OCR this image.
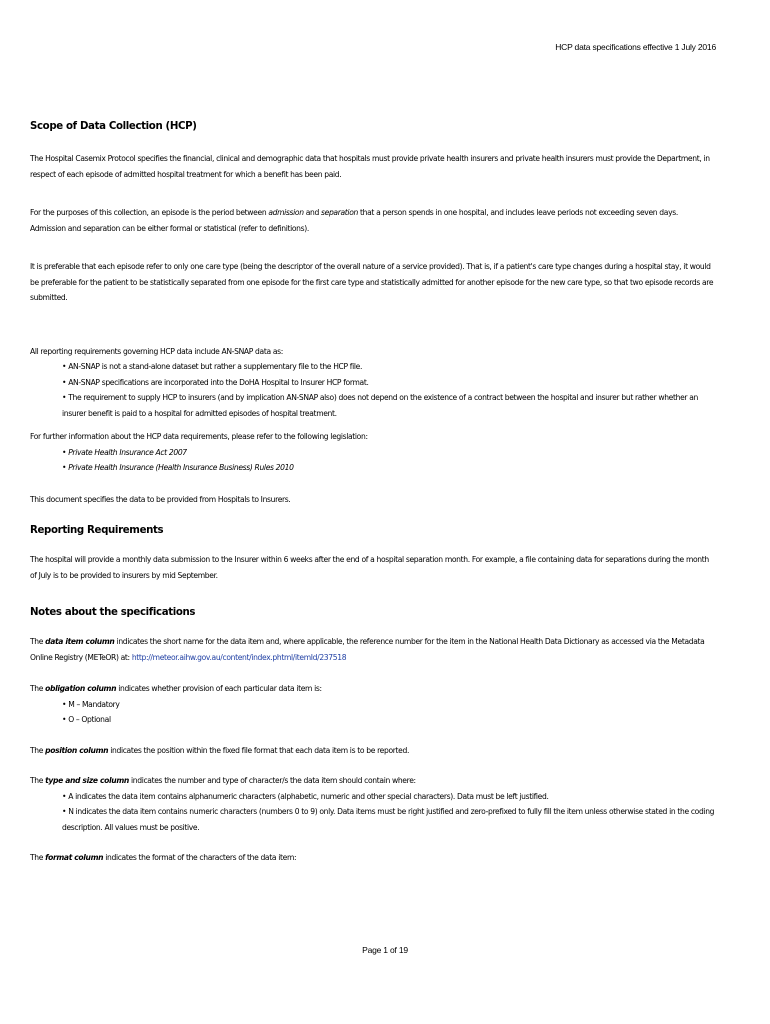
HCP data specifications effective 1 July 2016
Scope of Data Collection (HCP)

The Hospital Casemix Protocol specifies the financial, clinical and demographic data that hospitals must provide private health insurers and private health insurers must provide the Department, in respect of each episode of admitted hospital treatment for which a benefit has been paid.

For the purposes of this collection, an episode is the period between admission and separation that a person spends in one hospital, and includes leave periods not exceeding seven days. Admission and separation can be either formal or statistical (refer to definitions).

It is preferable that each episode refer to only one care type (being the descriptor of the overall nature of a service provided). That is, if a patient's care type changes during a hospital stay, it would be preferable for the patient to be statistically separated from one episode for the first care type and statistically admitted for another episode for the new care type, so that two episode records are submitted.

All reporting requirements governing HCP data include AN-SNAP data as:

• AN-SNAP is not a stand-alone dataset but rather a supplementary file to the HCP file.
• AN-SNAP specifications are incorporated into the DoHA Hospital to Insurer HCP format.
• The requirement to supply HCP to insurers (and by implication AN-SNAP also) does not depend on the existence of a contract between the hospital and insurer but rather whether an insurer benefit is paid to a hospital for admitted episodes of hospital treatment.

For further information about the HCP data requirements, please refer to the following legislation:

• Private Health Insurance Act 2007
• Private Health Insurance (Health Insurance Business) Rules 2010

This document specifies the data to be provided from Hospitals to Insurers.

Reporting Requirements

The hospital will provide a monthly data submission to the Insurer within 6 weeks after the end of a hospital separation month. For example, a file containing data for separations during the month of July is to be provided to insurers by mid September.

Notes about the specifications

The data item column indicates the short name for the data item and, where applicable, the reference number for the item in the National Health Data Dictionary as accessed via the Metadata Online Registry (METeOR) at: http://meteor.aihw.gov.au/content/index.phtml/itemId/237518

The obligation column indicates whether provision of each particular data item is:

• M – Mandatory
• O – Optional

The position column indicates the position within the fixed file format that each data item is to be reported.

The type and size column indicates the number and type of character/s the data item should contain where:

• A indicates the data item contains alphanumeric characters (alphabetic, numeric and other special characters). Data must be left justified.
• N indicates the data item contains numeric characters (numbers 0 to 9) only. Data items must be right justified and zero-prefixed to fully fill the item unless otherwise stated in the coding description. All values must be positive.

The format column indicates the format of the characters of the data item:

Page 1 of 19
